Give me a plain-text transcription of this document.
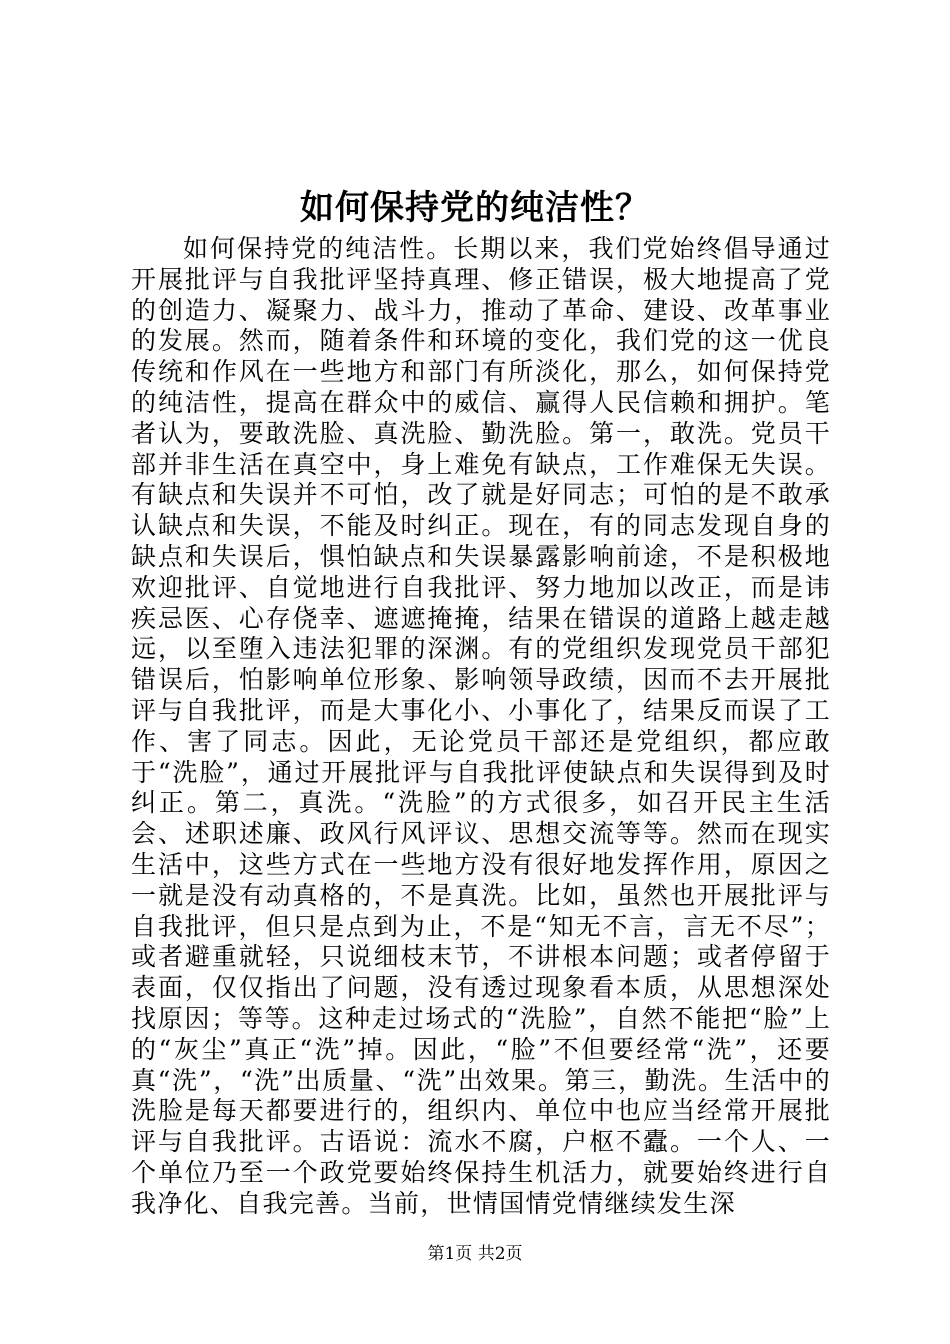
如何保持党的纯洁性？

如何保持党的纯洁性。长期以来，我们党始终倡导通过开展批评与自我批评坚持真理、修正错误，极大地提高了党的创造力、凝聚力、战斗力，推动了革命、建设、改革事业的发展。然而，随着条件和环境的变化，我们党的这一优良传统和作风在一些地方和部门有所淡化，那么，如何保持党的纯洁性，提高在群众中的威信、赢得人民信赖和拥护。笔者认为，要敢洗脸、真洗脸、勤洗脸。第一，敢洗。党员干部并非生活在真空中，身上难免有缺点，工作难保无失误。有缺点和失误并不可怕，改了就是好同志；可怕的是不敢承认缺点和失误，不能及时纠正。现在，有的同志发现自身的缺点和失误后，惧怕缺点和失误暴露影响前途，不是积极地欢迎批评、自觉地进行自我批评、努力地加以改正，而是讳疾忌医、心存侥幸、遮遮掩掩，结果在错误的道路上越走越远，以至堕入违法犯罪的深渊。有的党组织发现党员干部犯错误后，怕影响单位形象、影响领导政绩，因而不去开展批评与自我批评，而是大事化小、小事化了，结果反而误了工作、害了同志。因此，无论党员干部还是党组织，都应敢于“洗脸”，通过开展批评与自我批评使缺点和失误得到及时纠正。第二，真洗。“洗脸”的方式很多，如召开民主生活会、述职述廉、政风行风评议、思想交流等等。然而在现实生活中，这些方式在一些地方没有很好地发挥作用，原因之一就是没有动真格的，不是真洗。比如，虽然也开展批评与自我批评，但只是点到为止，不是“知无不言，言无不尽”；或者避重就轻，只说细枝末节，不讲根本问题；或者停留于表面，仅仅指出了问题，没有透过现象看本质，从思想深处找原因；等等。这种走过场式的“洗脸”，自然不能把“脸”上的“灰尘”真正“洗”掉。因此，“脸”不但要经常“洗”，还要真“洗”，“洗”出质量、“洗”出效果。第三，勤洗。生活中的洗脸是每天都要进行的，组织内、单位中也应当经常开展批评与自我批评。古语说：流水不腐，户枢不蠹。一个人、一个单位乃至一个政党要始终保持生机活力，就要始终进行自我净化、自我完善。当前，世情国情党情继续发生深

第1页 共2页
